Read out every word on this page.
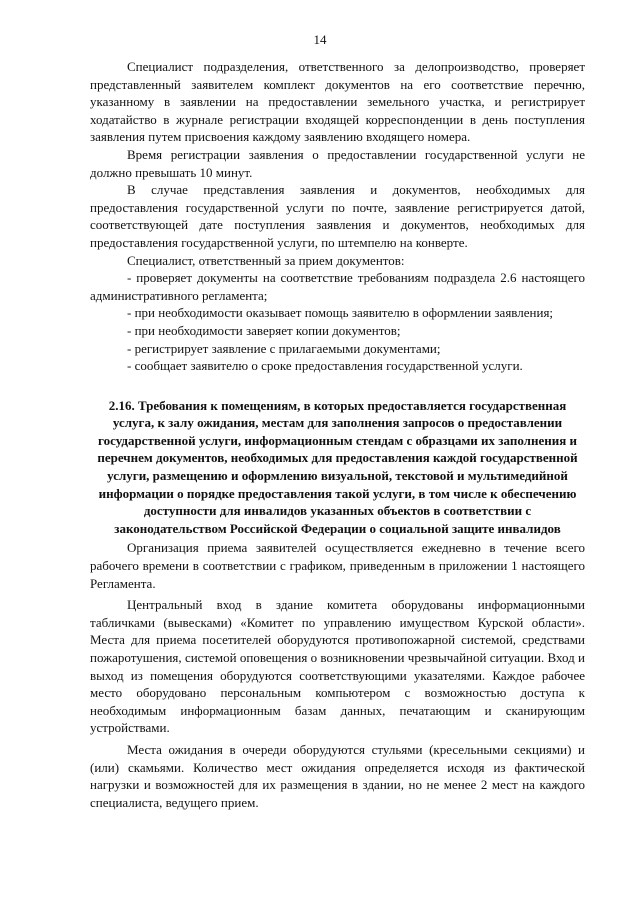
14

Специалист подразделения, ответственного за делопроизводство, проверяет представленный заявителем комплект документов на его соответствие перечню, указанному в заявлении на предоставлении земельного участка, и регистрирует ходатайство в журнале регистрации входящей корреспонденции в день поступления заявления путем присвоения каждому заявлению входящего номера.

Время регистрации заявления о предоставлении государственной услуги не должно превышать 10 минут.

В случае представления заявления и документов, необходимых для предоставления государственной услуги по почте, заявление регистрируется датой, соответствующей дате поступления заявления и документов, необходимых для предоставления государственной услуги, по штемпелю на конверте.

Специалист, ответственный за прием документов:

- проверяет документы на соответствие требованиям подраздела 2.6 настоящего административного регламента;

- при необходимости оказывает помощь заявителю в оформлении заявления;

- при необходимости заверяет копии документов;

- регистрирует заявление с прилагаемыми документами;

- сообщает заявителю о сроке предоставления государственной услуги.

2.16. Требования к помещениям, в которых предоставляется государственная услуга, к залу ожидания, местам для заполнения запросов о предоставлении государственной услуги, информационным стендам с образцами их заполнения и перечнем документов, необходимых для предоставления каждой государственной услуги, размещению и оформлению визуальной, текстовой и мультимедийной информации о порядке предоставления такой услуги, в том числе к обеспечению доступности для инвалидов указанных объектов в соответствии с законодательством Российской Федерации о социальной защите инвалидов

Организация приема заявителей осуществляется ежедневно в течение всего рабочего времени в соответствии с графиком, приведенным в приложении 1 настоящего Регламента.

Центральный вход в здание комитета оборудованы информационными табличками (вывесками) «Комитет по управлению имуществом Курской области». Места для приема посетителей оборудуются противопожарной системой, средствами пожаротушения, системой оповещения о возникновении чрезвычайной ситуации. Вход и выход из помещения оборудуются соответствующими указателями. Каждое рабочее место оборудовано персональным компьютером с возможностью доступа к необходимым информационным базам данных, печатающим и сканирующим устройствами.

Места ожидания в очереди оборудуются стульями (кресельными секциями) и (или) скамьями. Количество мест ожидания определяется исходя из фактической нагрузки и возможностей для их размещения в здании, но не менее 2 мест на каждого специалиста, ведущего прием.
